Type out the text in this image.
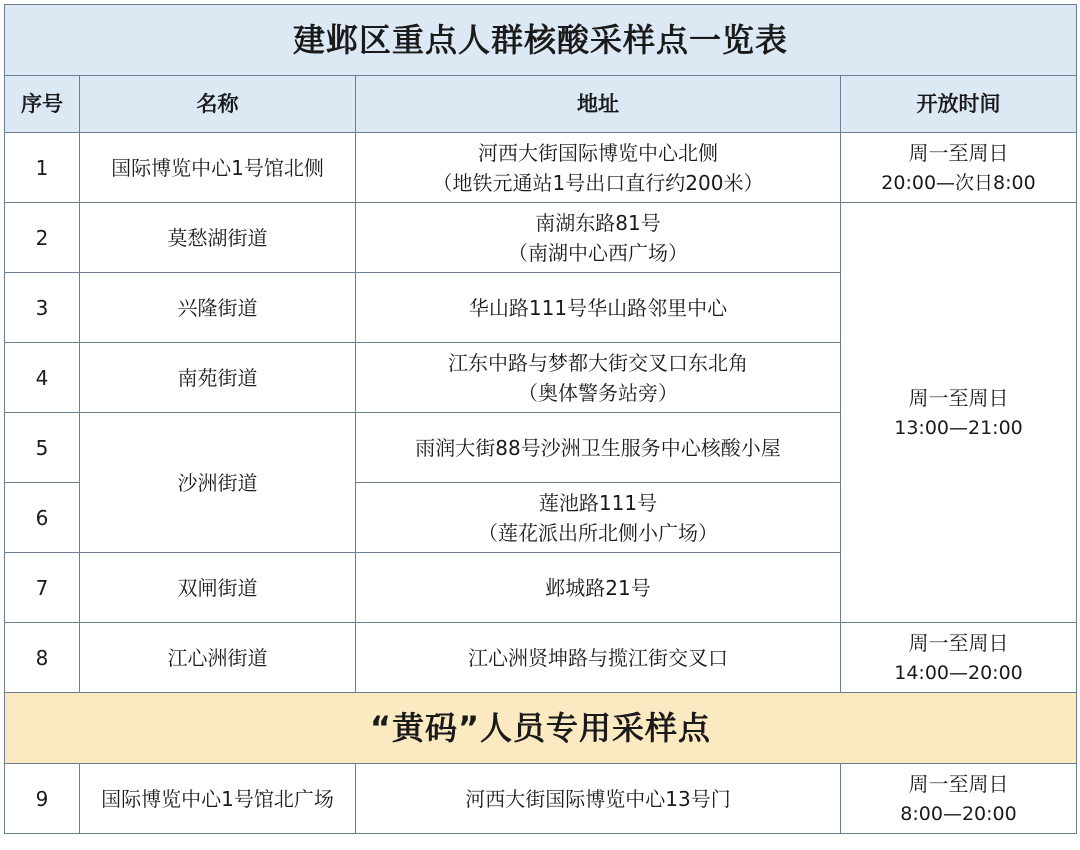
建邺区重点人群核酸采样点一览表			
序号	名称	地址	开放时间
1	国际博览中心1号馆北侧	河西大街国际博览中心北侧
（地铁元通站1号出口直行约200米）	周一至周日
20:00—次日8:00

2	莫愁湖街道	南湖东路81号
（南湖中心西广场）	周一至周日
13:00—21:00

3	兴隆街道	华山路111号华山路邻里中心	

4	南苑街道	江东中路与梦都大街交叉口东北角
（奥体警务站旁）	

5	沙洲街道	雨润大街88号沙洲卫生服务中心核酸小屋	

6		莲池路111号
（莲花派出所北侧小广场）	

7	双闸街道	邺城路21号	

8	江心洲街道	江心洲贤坤路与揽江街交叉口	周一至周日
14:00—20:00

“黄码”人员专用采样点			
9	国际博览中心1号馆北广场	河西大街国际博览中心13号门	周一至周日
8:00—20:00
